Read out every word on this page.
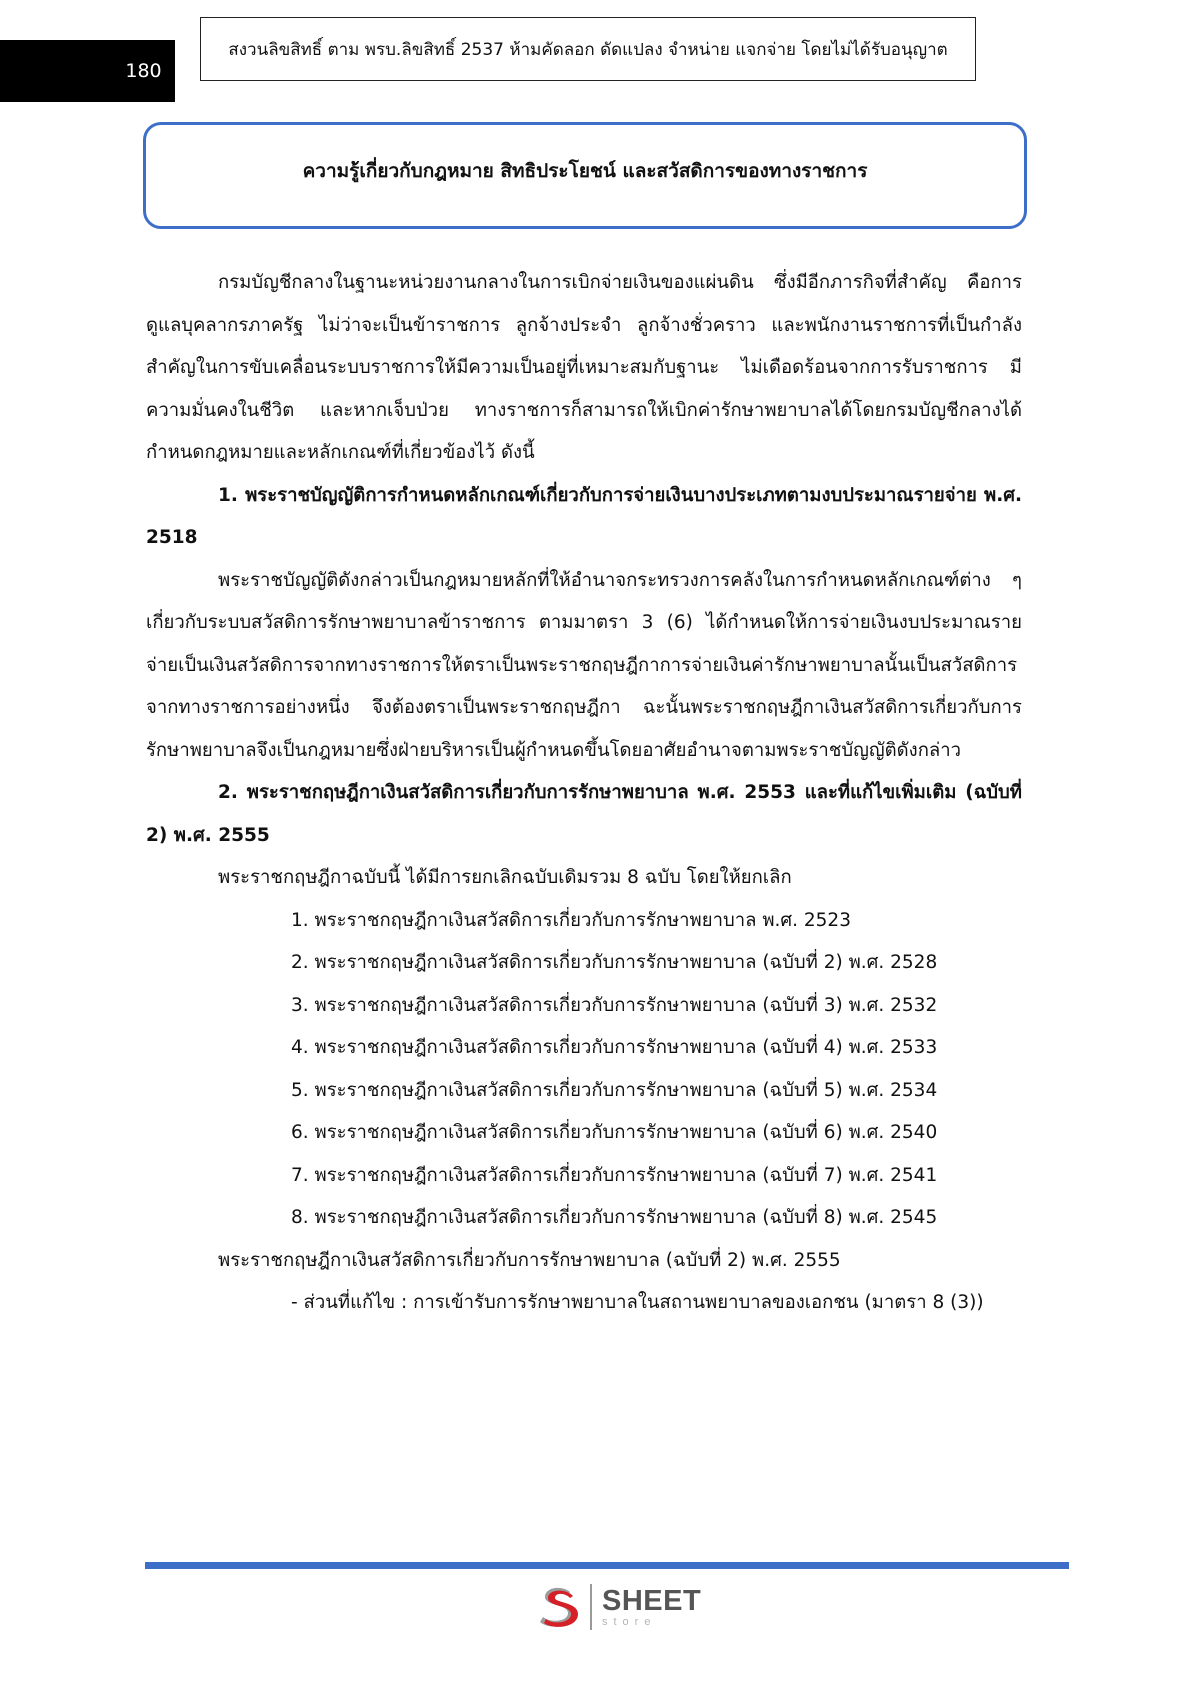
180
สงวนลิขสิทธิ์ ตาม พรบ.ลิขสิทธิ์ 2537 ห้ามคัดลอก ดัดแปลง จำหน่าย แจกจ่าย โดยไม่ได้รับอนุญาต
ความรู้เกี่ยวกับกฎหมาย สิทธิประโยชน์ และสวัสดิการของทางราชการ

กรมบัญชีกลางในฐานะหน่วยงานกลางในการเบิกจ่ายเงินของแผ่นดิน ซึ่งมีอีกภารกิจที่สำคัญ คือการดูแลบุคลากรภาครัฐ ไม่ว่าจะเป็นข้าราชการ ลูกจ้างประจำ ลูกจ้างชั่วคราว และพนักงานราชการที่เป็นกำลังสำคัญในการขับเคลื่อนระบบราชการให้มีความเป็นอยู่ที่เหมาะสมกับฐานะ ไม่เดือดร้อนจากการรับราชการ มีความมั่นคงในชีวิต และหากเจ็บป่วย ทางราชการก็สามารถให้เบิกค่ารักษาพยาบาลได้โดยกรมบัญชีกลางได้กำหนดกฎหมายและหลักเกณฑ์ที่เกี่ยวข้องไว้ ดังนี้

1. พระราชบัญญัติการกำหนดหลักเกณฑ์เกี่ยวกับการจ่ายเงินบางประเภทตามงบประมาณรายจ่าย พ.ศ. 2518

พระราชบัญญัติดังกล่าวเป็นกฎหมายหลักที่ให้อำนาจกระทรวงการคลังในการกำหนดหลักเกณฑ์ต่าง ๆ เกี่ยวกับระบบสวัสดิการรักษาพยาบาลข้าราชการ ตามมาตรา 3 (6) ได้กำหนดให้การจ่ายเงินงบประมาณรายจ่ายเป็นเงินสวัสดิการจากทางราชการให้ตราเป็นพระราชกฤษฎีกาการจ่ายเงินค่ารักษาพยาบาลนั้นเป็นสวัสดิการจากทางราชการอย่างหนึ่ง จึงต้องตราเป็นพระราชกฤษฎีกา ฉะนั้นพระราชกฤษฎีกาเงินสวัสดิการเกี่ยวกับการรักษาพยาบาลจึงเป็นกฎหมายซึ่งฝ่ายบริหารเป็นผู้กำหนดขึ้นโดยอาศัยอำนาจตามพระราชบัญญัติดังกล่าว

2. พระราชกฤษฎีกาเงินสวัสดิการเกี่ยวกับการรักษาพยาบาล พ.ศ. 2553 และที่แก้ไขเพิ่มเติม (ฉบับที่ 2) พ.ศ. 2555

พระราชกฤษฎีกาฉบับนี้ ได้มีการยกเลิกฉบับเดิมรวม 8 ฉบับ โดยให้ยกเลิก

1. พระราชกฤษฎีกาเงินสวัสดิการเกี่ยวกับการรักษาพยาบาล พ.ศ. 2523
2. พระราชกฤษฎีกาเงินสวัสดิการเกี่ยวกับการรักษาพยาบาล (ฉบับที่ 2) พ.ศ. 2528
3. พระราชกฤษฎีกาเงินสวัสดิการเกี่ยวกับการรักษาพยาบาล (ฉบับที่ 3) พ.ศ. 2532
4. พระราชกฤษฎีกาเงินสวัสดิการเกี่ยวกับการรักษาพยาบาล (ฉบับที่ 4) พ.ศ. 2533
5. พระราชกฤษฎีกาเงินสวัสดิการเกี่ยวกับการรักษาพยาบาล (ฉบับที่ 5) พ.ศ. 2534
6. พระราชกฤษฎีกาเงินสวัสดิการเกี่ยวกับการรักษาพยาบาล (ฉบับที่ 6) พ.ศ. 2540
7. พระราชกฤษฎีกาเงินสวัสดิการเกี่ยวกับการรักษาพยาบาล (ฉบับที่ 7) พ.ศ. 2541
8. พระราชกฤษฎีกาเงินสวัสดิการเกี่ยวกับการรักษาพยาบาล (ฉบับที่ 8) พ.ศ. 2545

พระราชกฤษฎีกาเงินสวัสดิการเกี่ยวกับการรักษาพยาบาล (ฉบับที่ 2) พ.ศ. 2555

- ส่วนที่แก้ไข : การเข้ารับการรักษาพยาบาลในสถานพยาบาลของเอกชน (มาตรา 8 (3))
SHEET
store
